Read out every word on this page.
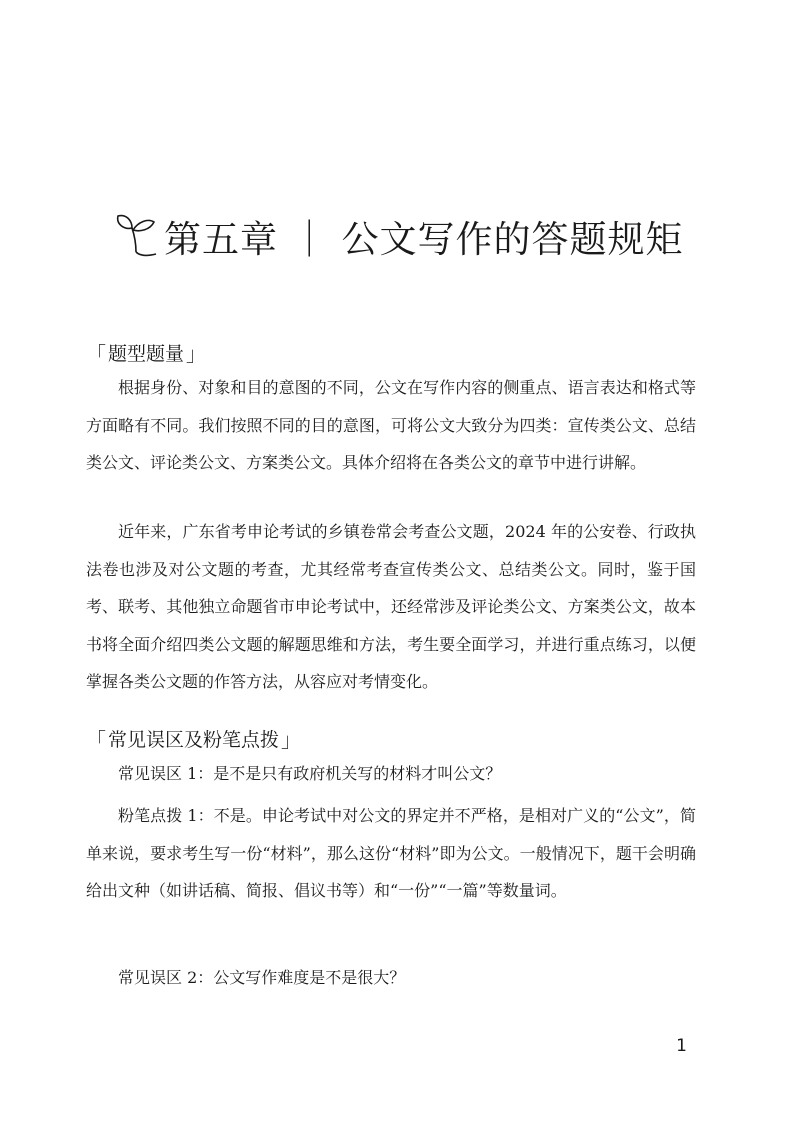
第五章 ｜ 公文写作的答题规矩
「 题型题量 」

根据身份、对象和目的意图的不同，公文在写作内容的侧重点、语言表达和格式等方面略有不同。我们按照不同的目的意图，可将公文大致分为四类：宣传类公文、总结类公文、评论类公文、方案类公文。具体介绍将在各类公文的章节中进行讲解。

近年来，广东省考申论考试的乡镇卷常会考查公文题，2024 年的公安卷、行政执法卷也涉及对公文题的考查，尤其经常考查宣传类公文、总结类公文。同时，鉴于国考、联考、其他独立命题省市申论考试中，还经常涉及评论类公文、方案类公文，故本书将全面介绍四类公文题的解题思维和方法，考生要全面学习，并进行重点练习，以便掌握各类公文题的作答方法，从容应对考情变化。

「 常见误区及粉笔点拨 」

常见误区 1：是不是只有政府机关写的材料才叫公文？

粉笔点拨 1：不是。申论考试中对公文的界定并不严格，是相对广义的“公文”，简单来说，要求考生写一份“材料”，那么这份“材料”即为公文。一般情况下，题干会明确给出文种（如讲话稿、简报、倡议书等）和“一份”“一篇”等数量词。

常见误区 2：公文写作难度是不是很大？

1
